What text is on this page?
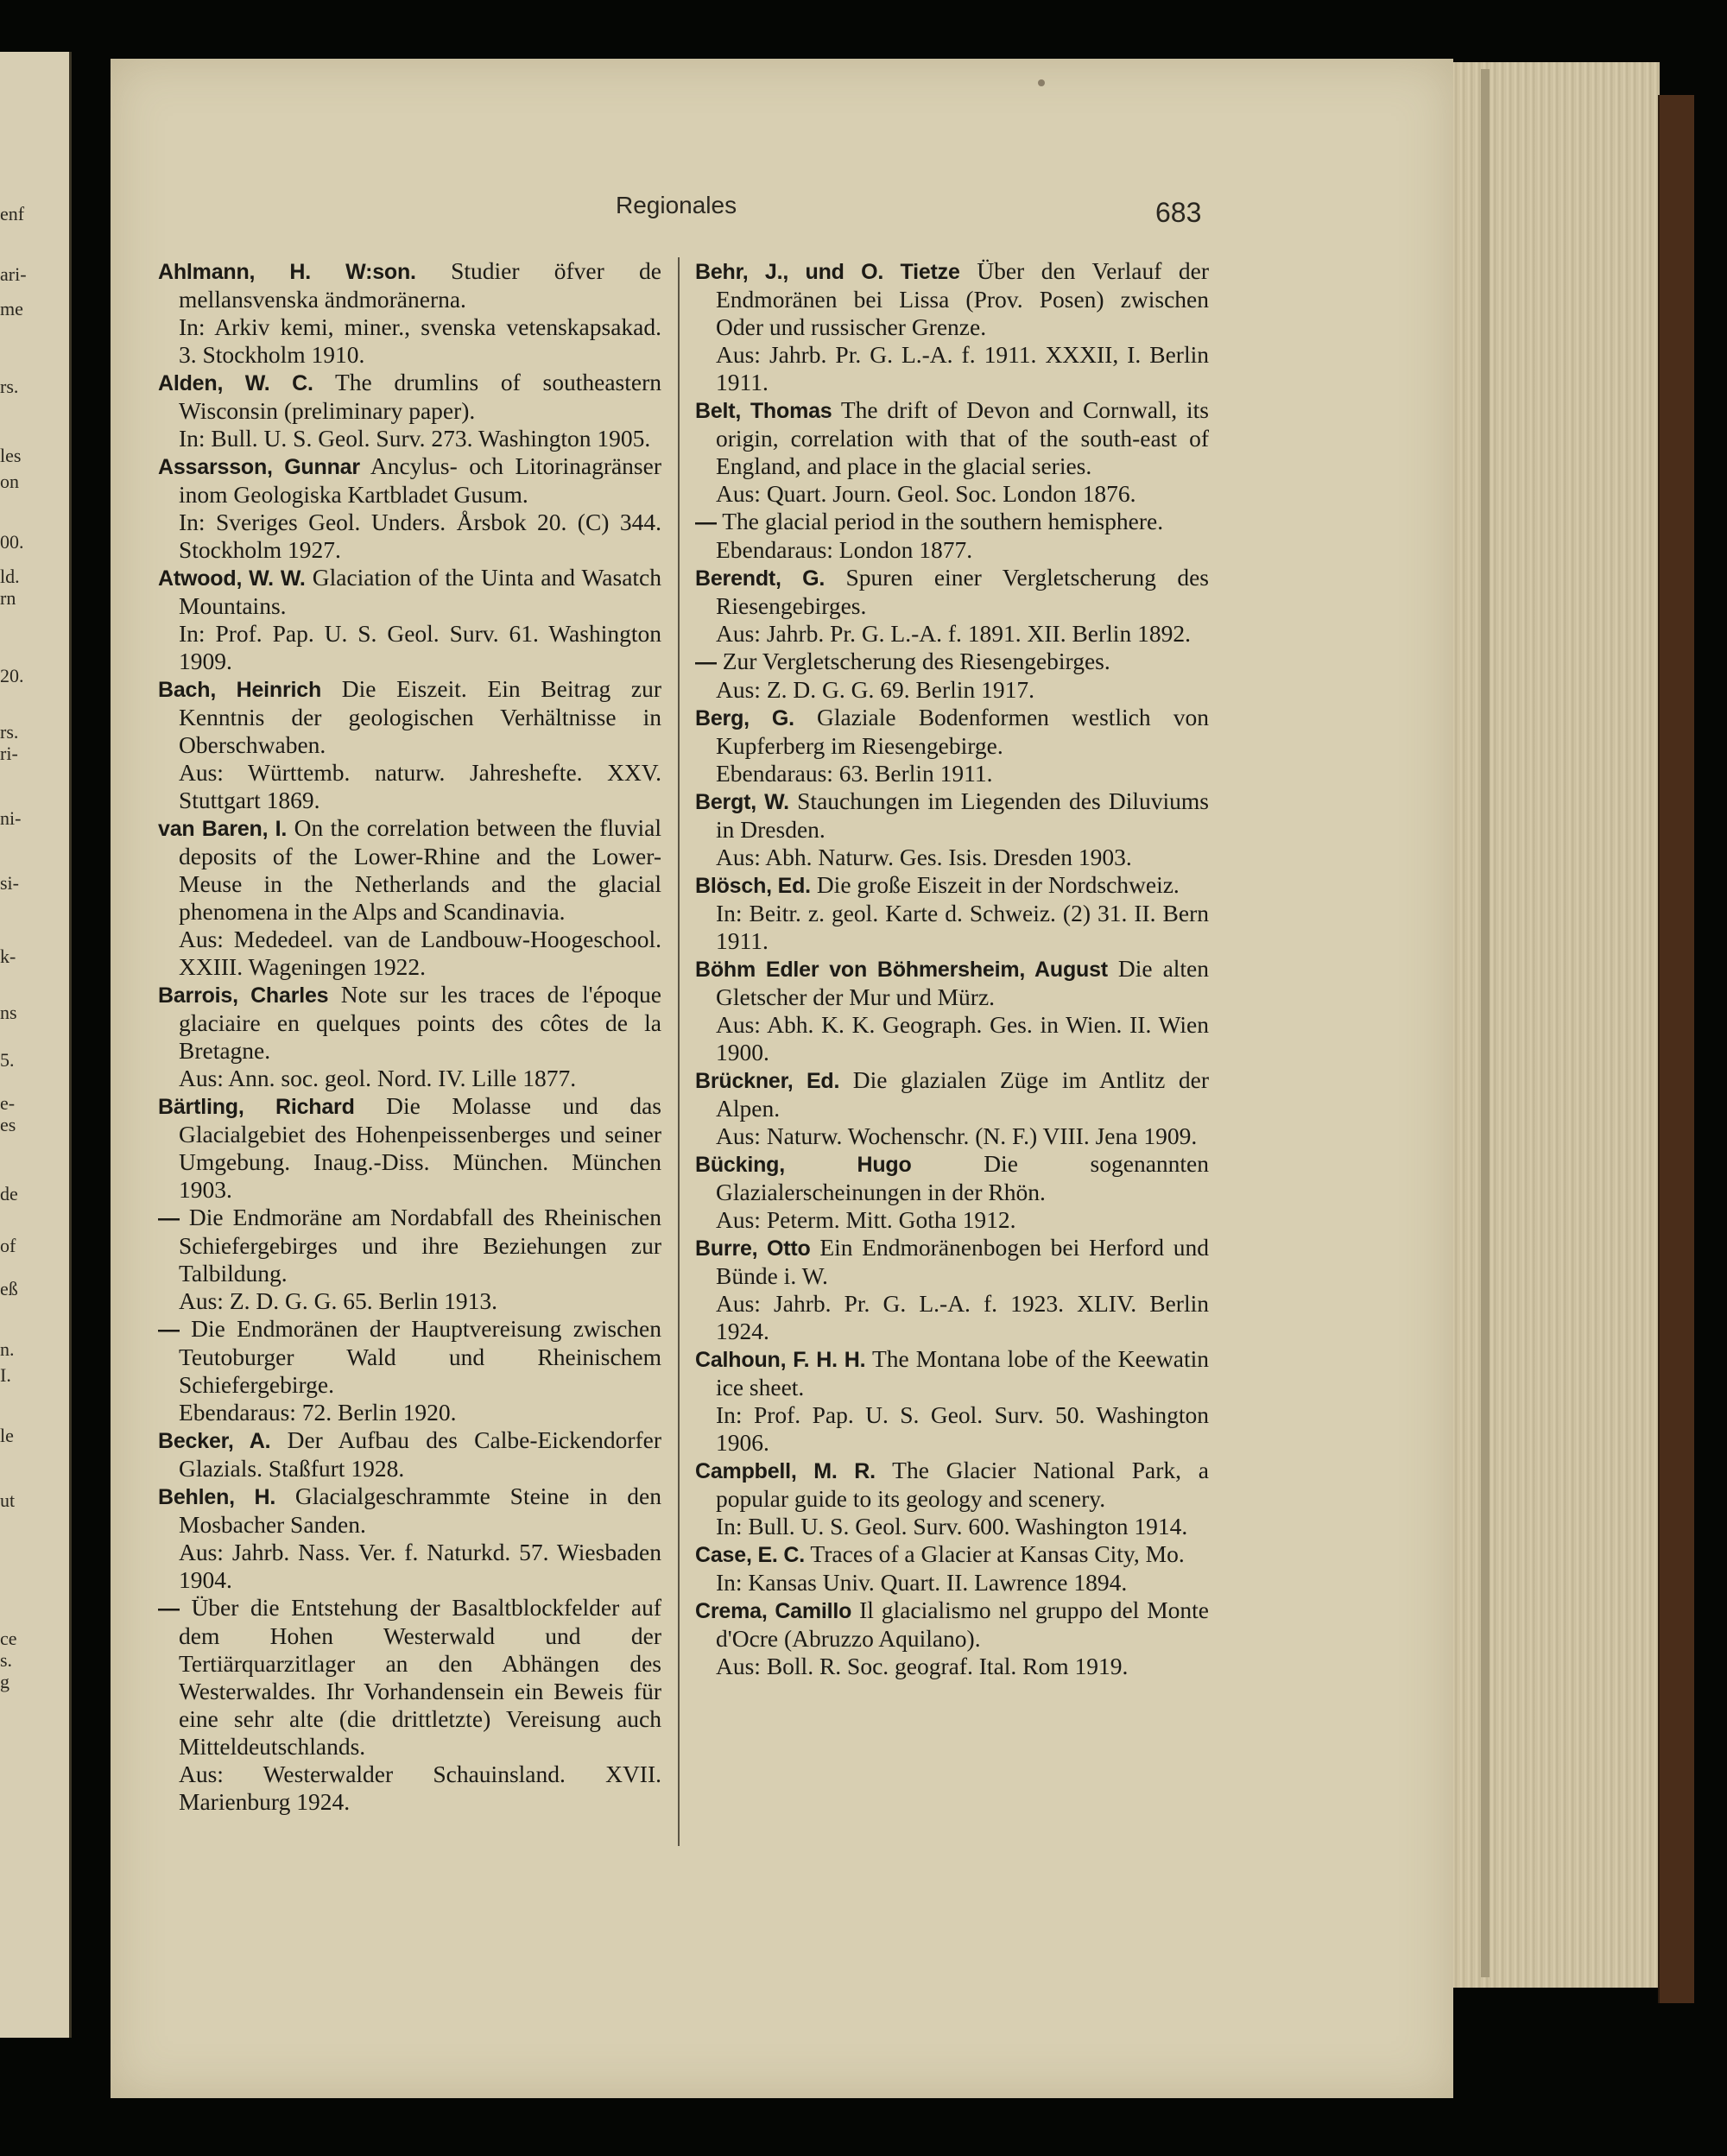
enf
ari-
me
rs.
les
on
00.
ld.
rn
20.
rs.
ri-
ni-
si-
k-
ns
5.
e-
es
de
of
eß
n.
I.
le
ut
ce
s.
g
Regionales	683

Ahlmann, H. W:son. Studier öfver de mellansvenska ändmoränerna.

In: Arkiv kemi, miner., svenska vetenskapsakad. 3. Stockholm 1910.

Alden, W. C. The drumlins of southeastern Wisconsin (preliminary paper).

In: Bull. U. S. Geol. Surv. 273. Washington 1905.

Assarsson, Gunnar Ancylus- och Litorinagränser inom Geologiska Kartbladet Gusum.

In: Sveriges Geol. Unders. Årsbok 20. (C) 344. Stockholm 1927.

Atwood, W. W. Glaciation of the Uinta and Wasatch Mountains.

In: Prof. Pap. U. S. Geol. Surv. 61. Washington 1909.

Bach, Heinrich Die Eiszeit. Ein Beitrag zur Kenntnis der geologischen Verhältnisse in Oberschwaben.

Aus: Württemb. naturw. Jahreshefte. XXV. Stuttgart 1869.

van Baren, I. On the correlation between the fluvial deposits of the Lower-Rhine and the Lower-Meuse in the Netherlands and the glacial phenomena in the Alps and Scandinavia.

Aus: Mededeel. van de Landbouw-Hoogeschool. XXIII. Wageningen 1922.

Barrois, Charles Note sur les traces de l'époque glaciaire en quelques points des côtes de la Bretagne.

Aus: Ann. soc. geol. Nord. IV. Lille 1877.

Bärtling, Richard Die Molasse und das Glacialgebiet des Hohenpeissenberges und seiner Umgebung. Inaug.-Diss. München. München 1903.

— Die Endmoräne am Nordabfall des Rheinischen Schiefergebirges und ihre Beziehungen zur Talbildung.

Aus: Z. D. G. G. 65. Berlin 1913.

— Die Endmoränen der Hauptvereisung zwischen Teutoburger Wald und Rheinischem Schiefergebirge.

Ebendaraus: 72. Berlin 1920.

Becker, A. Der Aufbau des Calbe-Eickendorfer Glazials. Staßfurt 1928.

Behlen, H. Glacialgeschrammte Steine in den Mosbacher Sanden.

Aus: Jahrb. Nass. Ver. f. Naturkd. 57. Wiesbaden 1904.

— Über die Entstehung der Basaltblockfelder auf dem Hohen Westerwald und der Tertiärquarzitlager an den Abhängen des Westerwaldes. Ihr Vorhandensein ein Beweis für eine sehr alte (die drittletzte) Vereisung auch Mitteldeutschlands.

Aus: Westerwalder Schauinsland. XVII. Marienburg 1924.

Behr, J., und O. Tietze Über den Verlauf der Endmoränen bei Lissa (Prov. Posen) zwischen Oder und russischer Grenze.

Aus: Jahrb. Pr. G. L.-A. f. 1911. XXXII, I. Berlin 1911.

Belt, Thomas The drift of Devon and Cornwall, its origin, correlation with that of the south-east of England, and place in the glacial series.

Aus: Quart. Journ. Geol. Soc. London 1876.

— The glacial period in the southern hemisphere.

Ebendaraus: London 1877.

Berendt, G. Spuren einer Vergletscherung des Riesengebirges.

Aus: Jahrb. Pr. G. L.-A. f. 1891. XII. Berlin 1892.

— Zur Vergletscherung des Riesengebirges.

Aus: Z. D. G. G. 69. Berlin 1917.

Berg, G. Glaziale Bodenformen westlich von Kupferberg im Riesengebirge.

Ebendaraus: 63. Berlin 1911.

Bergt, W. Stauchungen im Liegenden des Diluviums in Dresden.

Aus: Abh. Naturw. Ges. Isis. Dresden 1903.

Blösch, Ed. Die große Eiszeit in der Nordschweiz.

In: Beitr. z. geol. Karte d. Schweiz. (2) 31. II. Bern 1911.

Böhm Edler von Böhmersheim, August Die alten Gletscher der Mur und Mürz.

Aus: Abh. K. K. Geograph. Ges. in Wien. II. Wien 1900.

Brückner, Ed. Die glazialen Züge im Antlitz der Alpen.

Aus: Naturw. Wochenschr. (N. F.) VIII. Jena 1909.

Bücking, Hugo	Die sogenannten Glazialerscheinungen in der Rhön.

Aus: Peterm. Mitt. Gotha 1912.

Burre, Otto Ein Endmoränenbogen bei Herford und Bünde i. W.

Aus: Jahrb. Pr. G. L.-A. f. 1923. XLIV. Berlin 1924.

Calhoun, F. H. H. The Montana lobe of the Keewatin ice sheet.

In: Prof. Pap. U. S. Geol. Surv. 50. Washington 1906.

Campbell, M. R. The Glacier National Park, a popular guide to its geology and scenery.

In: Bull. U. S. Geol. Surv. 600. Washington 1914.

Case, E. C. Traces of a Glacier at Kansas City, Mo.

In: Kansas Univ. Quart. II. Lawrence 1894.

Crema, Camillo Il glacialismo nel gruppo del Monte d'Ocre (Abruzzo Aquilano).

Aus: Boll. R. Soc. geograf. Ital. Rom 1919.
